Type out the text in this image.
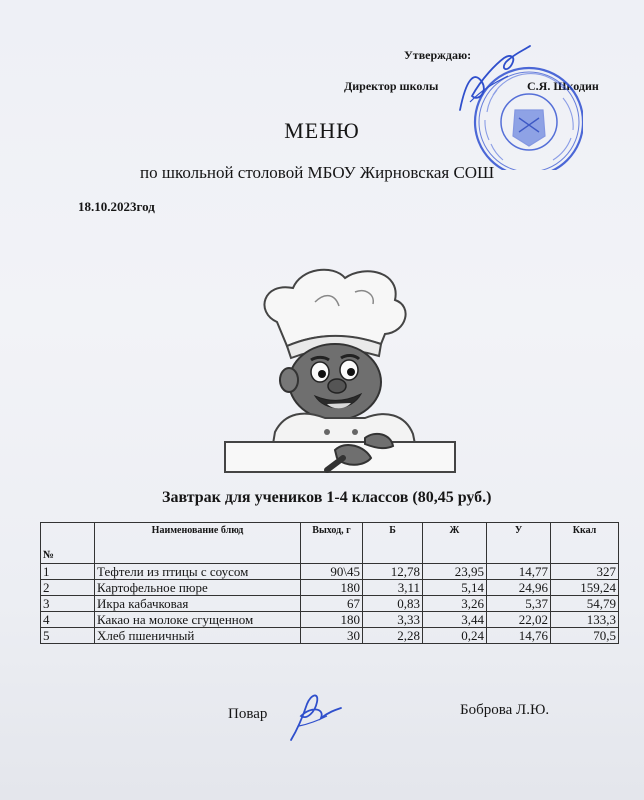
Утверждаю:
Директор школы	С.Я. Шкодин
МЕНЮ
по школьной столовой МБОУ Жирновская СОШ
18.10.2023год
Завтрак для учеников 1-4 классов (80,45 руб.)
№	Наименование блюд	Выход, г	Б	Ж	У	Ккал
1	Тефтели из птицы с соусом	90\45	12,78	23,95	14,77	327
2	Картофельное пюре	180	3,11	5,14	24,96	159,24
3	Икра кабачковая	67	0,83	3,26	5,37	54,79
4	Какао на молоке сгущенном	180	3,33	3,44	22,02	133,3
5	Хлеб пшеничный	30	2,28	0,24	14,76	70,5
Повар	Боброва Л.Ю.
